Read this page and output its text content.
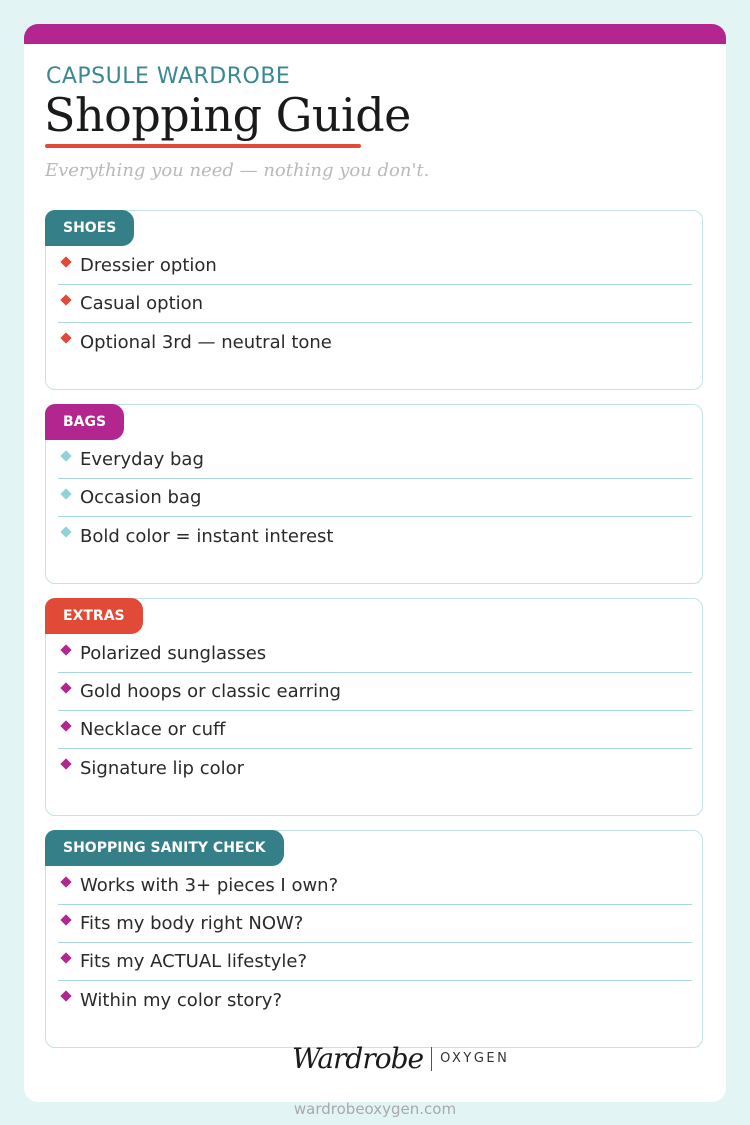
CAPSULE WARDROBE
Shopping Guide
Everything you need — nothing you don't.
SHOES
Dressier option
Casual option
Optional 3rd — neutral tone
BAGS
Everyday bag
Occasion bag
Bold color = instant interest
EXTRAS
Polarized sunglasses
Gold hoops or classic earring
Necklace or cuff
Signature lip color
SHOPPING SANITY CHECK
Works with 3+ pieces I own?
Fits my body right NOW?
Fits my ACTUAL lifestyle?
Within my color story?
Wardrobe OXYGEN
wardrobeoxygen.com
